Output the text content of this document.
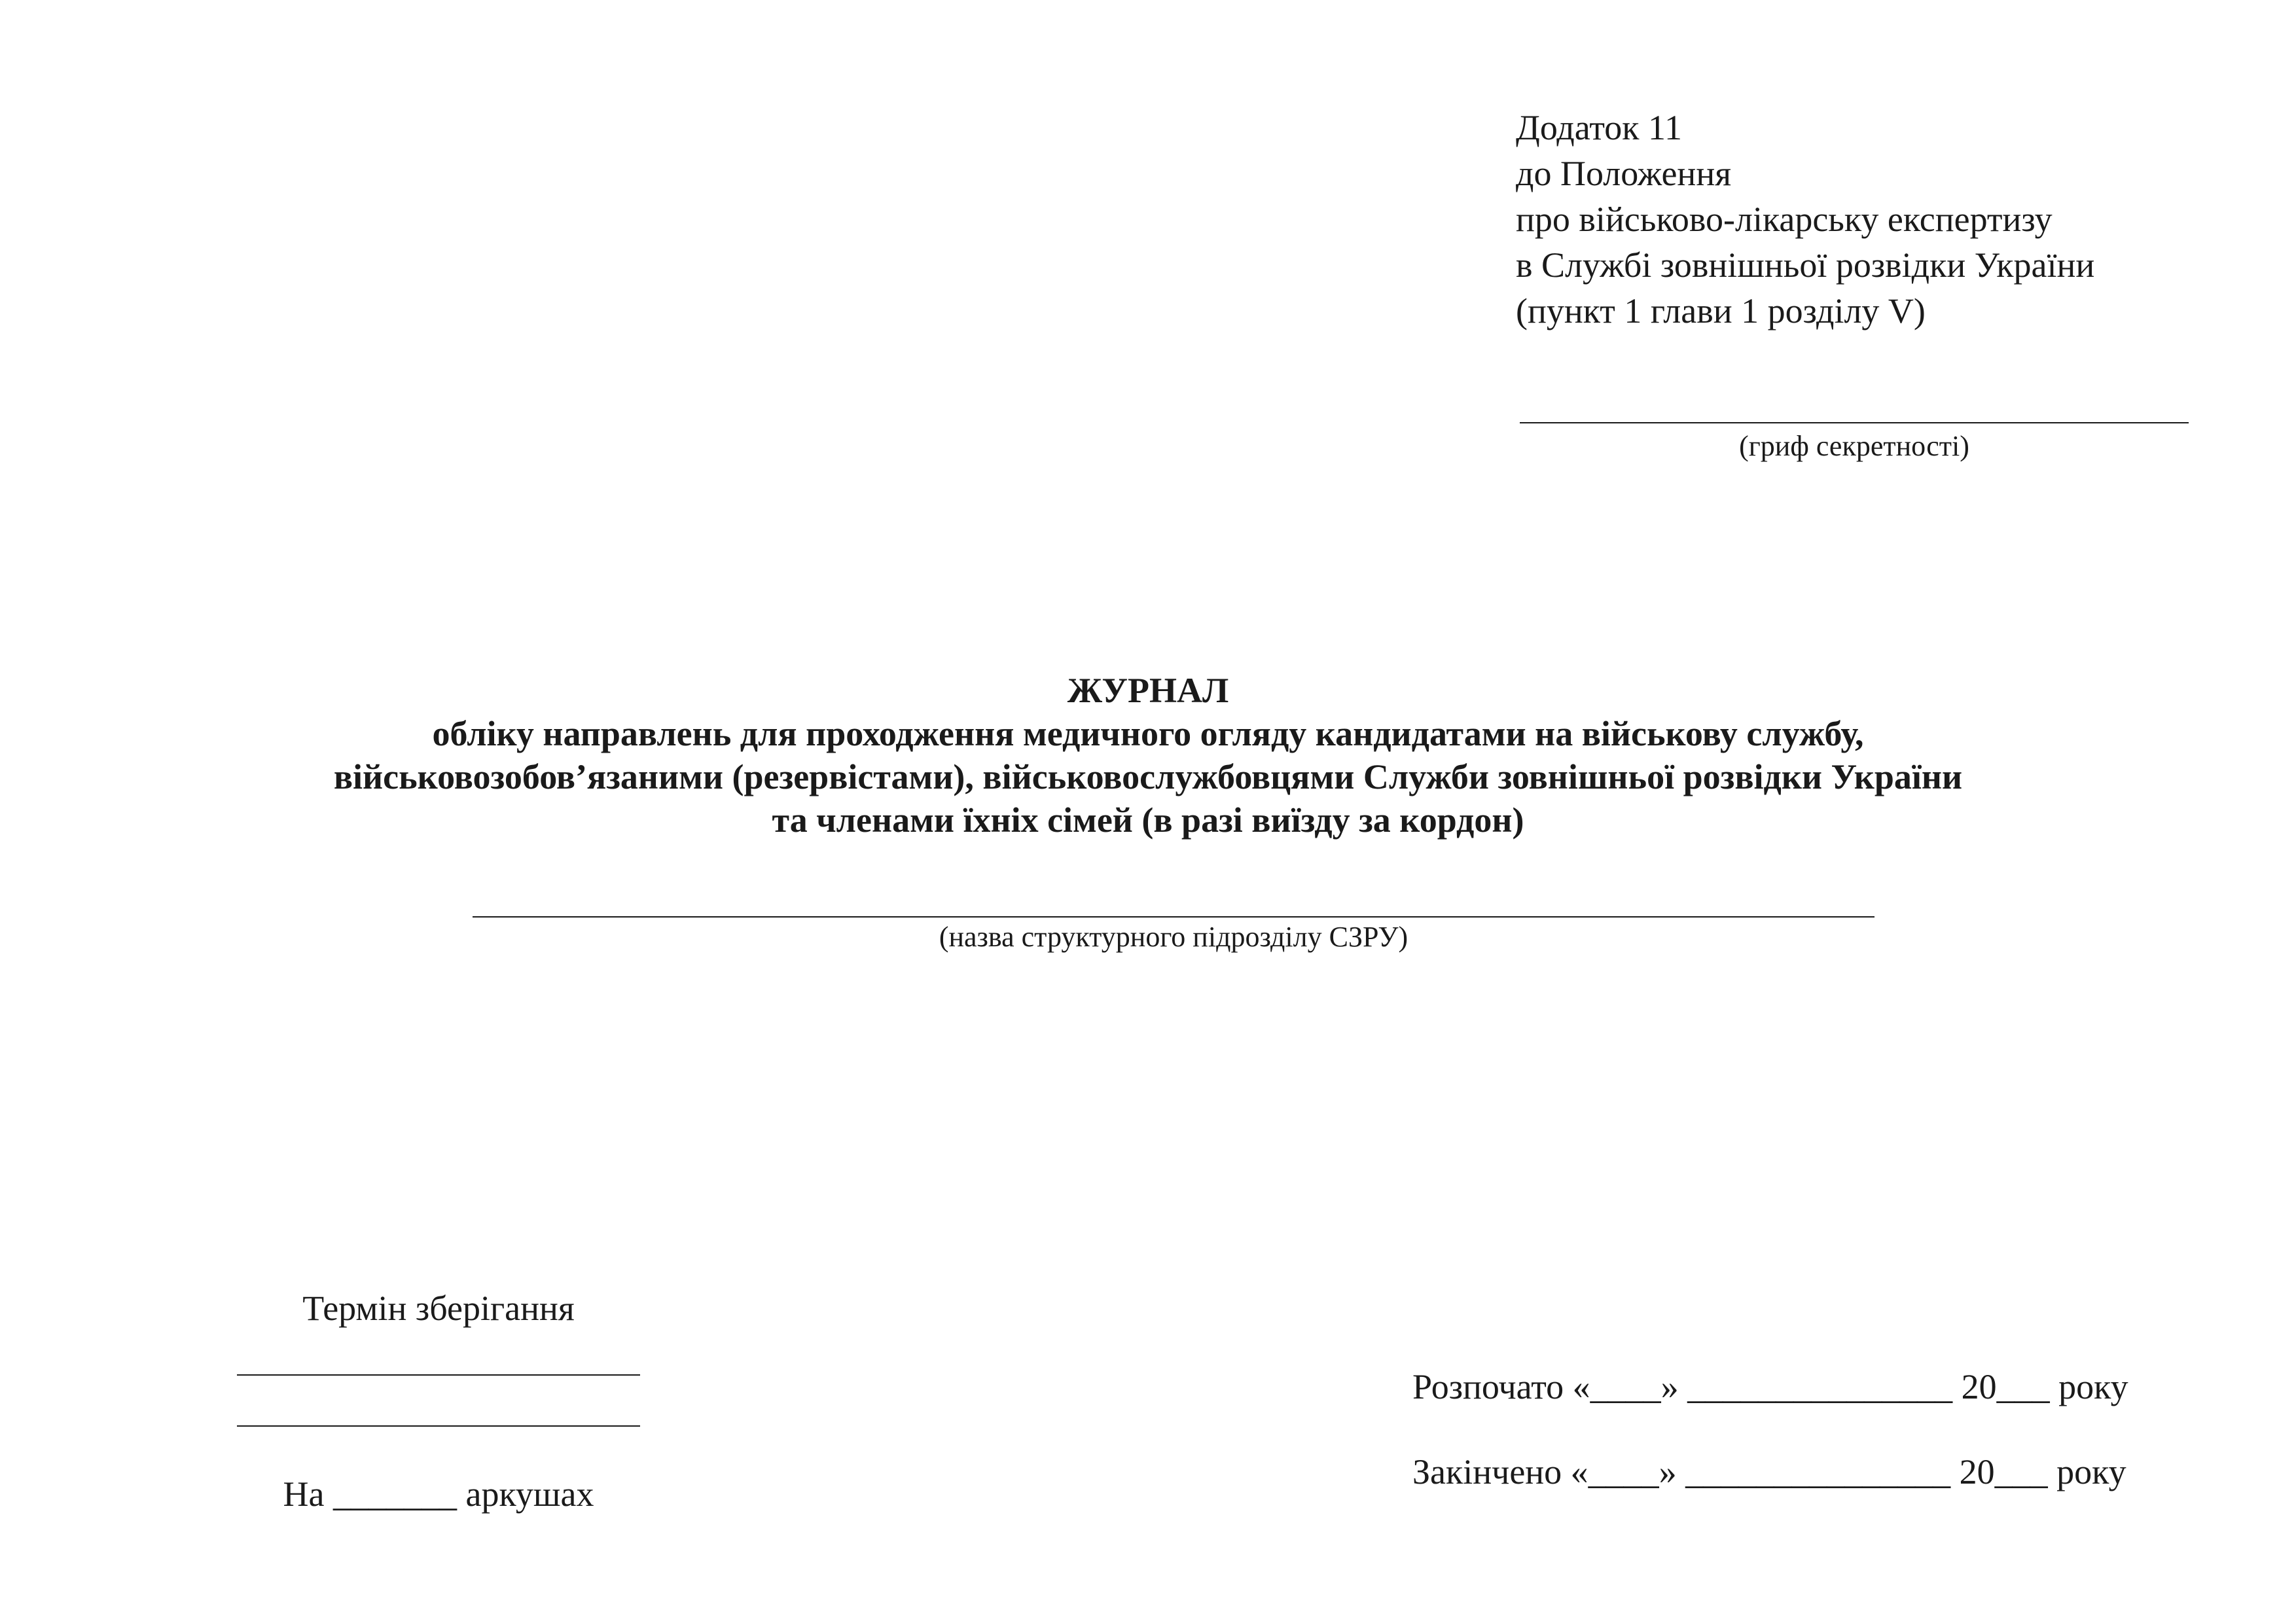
Додаток 11
до Положення
про військово-лікарську експертизу
в Службі зовнішньої розвідки України
(пункт 1 глави 1 розділу V)
(гриф секретності)
ЖУРНАЛ
обліку направлень для проходження медичного огляду кандидатами на військову службу,
військовозобов’язаними (резервістами), військовослужбовцями Служби зовнішньої розвідки України
та членами їхніх сімей (в разі виїзду за кордон)
(назва структурного підрозділу СЗРУ)
Термін зберігання
На _______ аркушах
Розпочато «____» _______________ 20___ року
Закінчено «____» _______________ 20___ року
